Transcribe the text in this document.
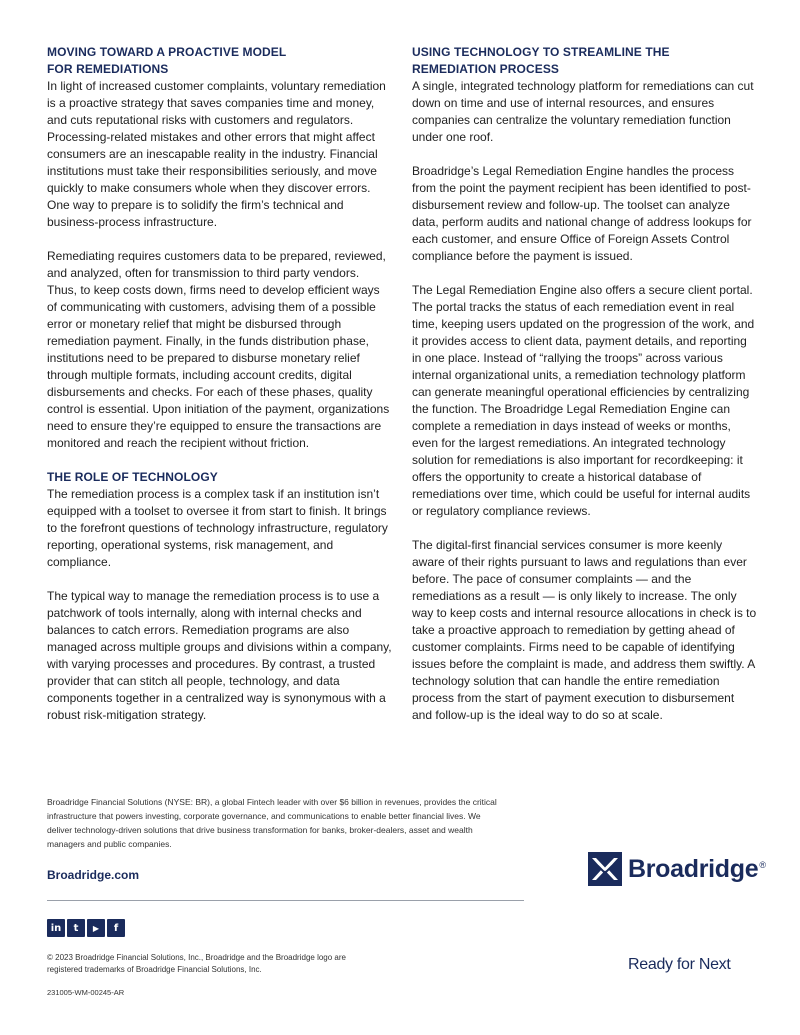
MOVING TOWARD A PROACTIVE MODEL
FOR REMEDIATIONS

In light of increased customer complaints, voluntary remediation is a proactive strategy that saves companies time and money, and cuts reputational risks with customers and regulators. Processing-related mistakes and other errors that might affect consumers are an inescapable reality in the industry. Financial institutions must take their responsibilities seriously, and move quickly to make consumers whole when they discover errors. One way to prepare is to solidify the firm’s technical and business-process infrastructure.

Remediating requires customers data to be prepared, reviewed, and analyzed, often for transmission to third party vendors. Thus, to keep costs down, firms need to develop efficient ways of communicating with customers, advising them of a possible error or monetary relief that might be disbursed through remediation payment. Finally, in the funds distribution phase, institutions need to be prepared to disburse monetary relief through multiple formats, including account credits, digital disbursements and checks. For each of these phases, quality control is essential. Upon initiation of the payment, organizations need to ensure they’re equipped to ensure the transactions are monitored and reach the recipient without friction.

THE ROLE OF TECHNOLOGY

The remediation process is a complex task if an institution isn’t equipped with a toolset to oversee it from start to finish. It brings to the forefront questions of technology infrastructure, regulatory reporting, operational systems, risk management, and compliance.

The typical way to manage the remediation process is to use a patchwork of tools internally, along with internal checks and balances to catch errors. Remediation programs are also managed across multiple groups and divisions within a company, with varying processes and procedures. By contrast, a trusted provider that can stitch all people, technology, and data components together in a centralized way is synonymous with a robust risk-mitigation strategy.

USING TECHNOLOGY TO STREAMLINE THE
REMEDIATION PROCESS

A single, integrated technology platform for remediations can cut down on time and use of internal resources, and ensures companies can centralize the voluntary remediation function under one roof.

Broadridge’s Legal Remediation Engine handles the process from the point the payment recipient has been identified to post-disbursement review and follow-up. The toolset can analyze data, perform audits and national change of address lookups for each customer, and ensure Office of Foreign Assets Control compliance before the payment is issued.

The Legal Remediation Engine also offers a secure client portal. The portal tracks the status of each remediation event in real time, keeping users updated on the progression of the work, and it provides access to client data, payment details, and reporting in one place. Instead of “rallying the troops” across various internal organizational units, a remediation technology platform can generate meaningful operational efficiencies by centralizing the function. The Broadridge Legal Remediation Engine can complete a remediation in days instead of weeks or months, even for the largest remediations. An integrated technology solution for remediations is also important for recordkeeping: it offers the opportunity to create a historical database of remediations over time, which could be useful for internal audits or regulatory compliance reviews.

The digital-first financial services consumer is more keenly aware of their rights pursuant to laws and regulations than ever before. The pace of consumer complaints — and the remediations as a result — is only likely to increase. The only way to keep costs and internal resource allocations in check is to take a proactive approach to remediation by getting ahead of customer complaints. Firms need to be capable of identifying issues before the complaint is made, and address them swiftly. A technology solution that can handle the entire remediation process from the start of payment execution to disbursement and follow-up is the ideal way to do so at scale.

Broadridge Financial Solutions (NYSE: BR), a global Fintech leader with over $6 billion in revenues, provides the critical infrastructure that powers investing, corporate governance, and communications to enable better financial lives. We deliver technology-driven solutions that drive business transformation for banks, broker-dealers, asset and wealth managers and public companies.
Broadridge.com
in	t	▶	f
© 2023 Broadridge Financial Solutions, Inc., Broadridge and the Broadridge logo are registered trademarks of Broadridge Financial Solutions, Inc.
231005-WM-00245-AR
Broadridge ®
Ready for Next
